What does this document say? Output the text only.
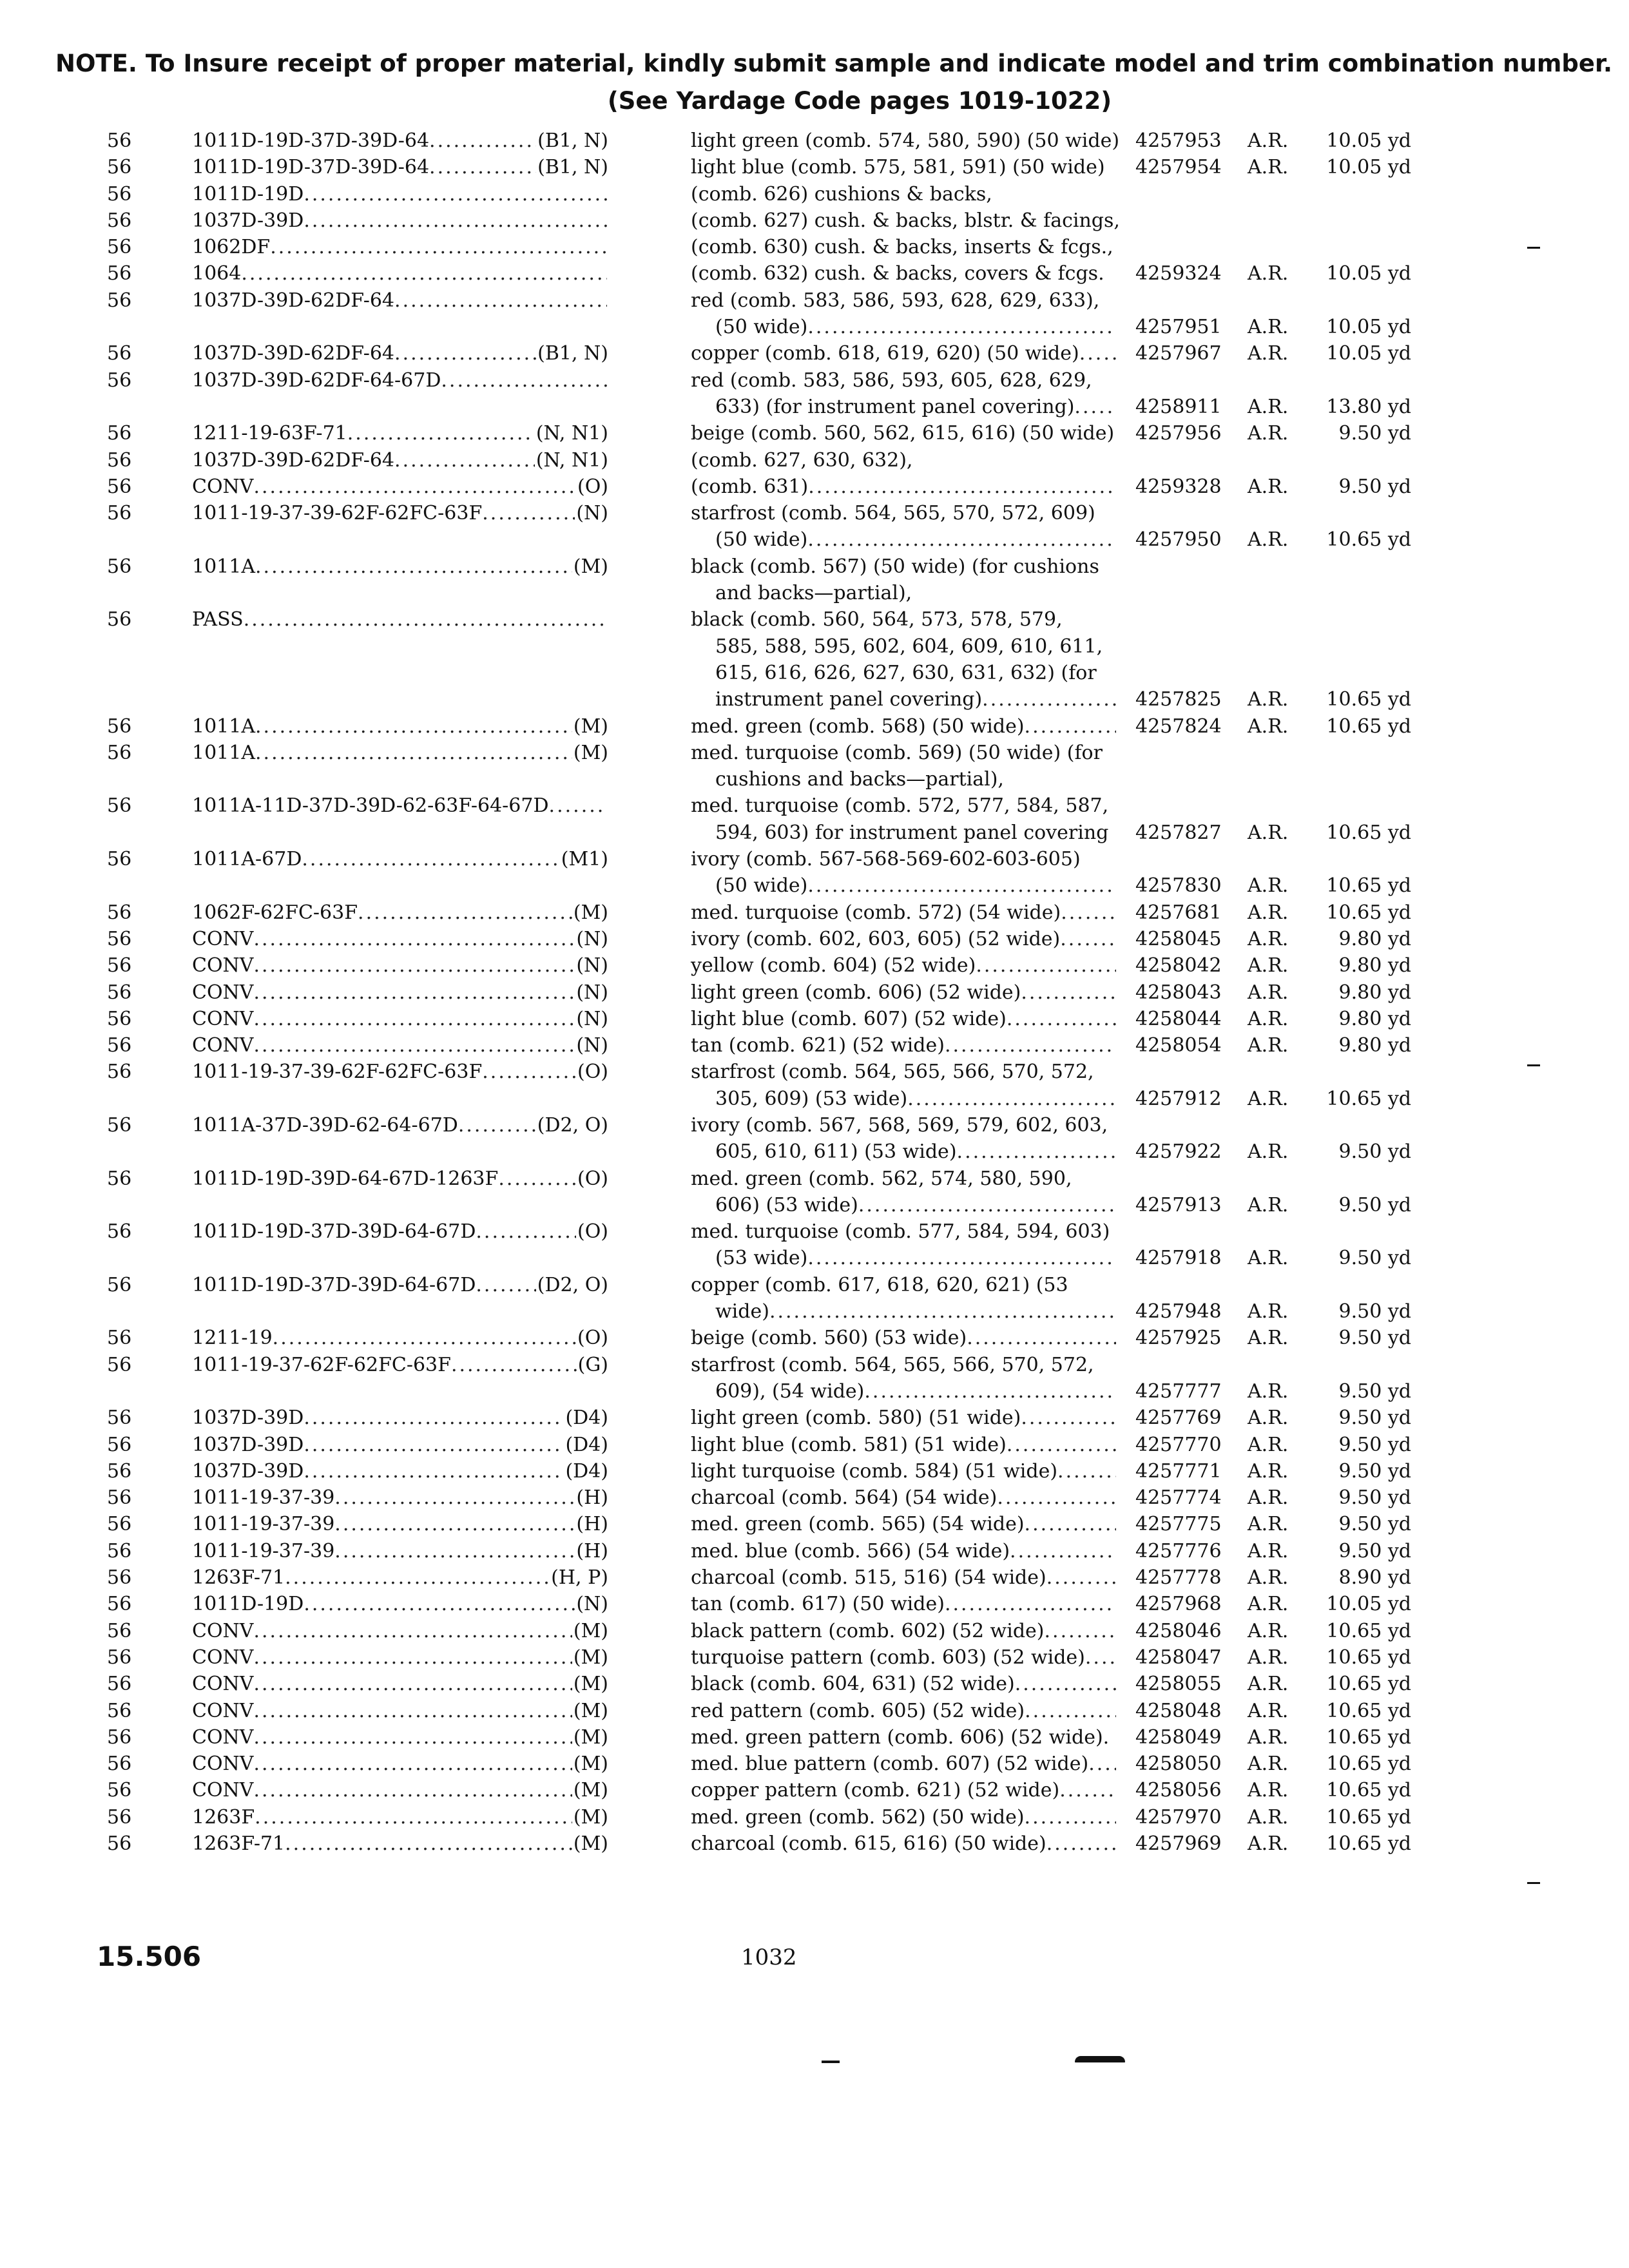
NOTE. To Insure receipt of proper material, kindly submit sample and indicate model and trim combination number.
(See Yardage Code pages 1019-1022)
56	1011D-19D-37D-39D-64 .....	(B1, N)	light green (comb. 574, 580, 590) (50 wide) 4257953	A.R.	10.05 yd
56	1011D-19D-37D-39D-64 .....	(B1, N)	light blue (comb. 575, 581, 591) (50 wide) 4257954	A.R.	10.05 yd
56	1011D-19D .....	(comb. 626) cushions & backs,
56	1037D-39D .....	(comb. 627) cush. & backs, blstr. & facings,
56	1062DF .....	(comb. 630) cush. & backs, inserts & fcgs.,
56	1064 .....	(comb. 632) cush. & backs, covers & fcgs. 4259324	A.R.	10.05 yd
56	1037D-39D-62DF-64 .....	red (comb. 583, 586, 593, 628, 629, 633),
(50 wide) .....	4257951	A.R.	10.05 yd
56	1037D-39D-62DF-64 .....	(B1, N)	copper (comb. 618, 619, 620) (50 wide) .....	4257967	A.R.	10.05 yd
56	1037D-39D-62DF-64-67D .....	red (comb. 583, 586, 593, 605, 628, 629,
633) (for instrument panel covering) .....	4258911	A.R.	13.80 yd
56	1211-19-63F-71 .....	(N, N1)	beige (comb. 560, 562, 615, 616) (50 wide) 4257956	A.R.	9.50 yd
56	1037D-39D-62DF-64 .....	(N, N1)	(comb. 627, 630, 632),
56	CONV .....	(O)	(comb. 631) .....	4259328	A.R.	9.50 yd
56	1011-19-37-39-62F-62FC-63F .....	(N)	starfrost (comb. 564, 565, 570, 572, 609)
(50 wide) .....	4257950	A.R.	10.65 yd
56	1011A .....	(M)	black (comb. 567) (50 wide) (for cushions
and backs—partial),
56	PASS .....	black (comb. 560, 564, 573, 578, 579,
585, 588, 595, 602, 604, 609, 610, 611,
615, 616, 626, 627, 630, 631, 632) (for
instrument panel covering) .....	4257825	A.R.	10.65 yd
56	1011A .....	(M)	med. green (comb. 568) (50 wide) .....	4257824	A.R.	10.65 yd
56	1011A .....	(M)	med. turquoise (comb. 569) (50 wide) (for
cushions and backs—partial),
56	1011A-11D-37D-39D-62-63F-64-67D .....	med. turquoise (comb. 572, 577, 584, 587,
594, 603) for instrument panel covering 4257827	A.R.	10.65 yd
56	1011A-67D .....	(M1)	ivory (comb. 567-568-569-602-603-605)
(50 wide) .....	4257830	A.R.	10.65 yd
56	1062F-62FC-63F .....	(M)	med. turquoise (comb. 572) (54 wide) .....	4257681	A.R.	10.65 yd
56	CONV .....	(N)	ivory (comb. 602, 603, 605) (52 wide) .....	4258045	A.R.	9.80 yd
56	CONV .....	(N)	yellow (comb. 604) (52 wide) .....	4258042	A.R.	9.80 yd
56	CONV .....	(N)	light green (comb. 606) (52 wide) .....	4258043	A.R.	9.80 yd
56	CONV .....	(N)	light blue (comb. 607) (52 wide) .....	4258044	A.R.	9.80 yd
56	CONV .....	(N)	tan (comb. 621) (52 wide) .....	4258054	A.R.	9.80 yd
56	1011-19-37-39-62F-62FC-63F .....	(O)	starfrost (comb. 564, 565, 566, 570, 572,
305, 609) (53 wide) .....	4257912	A.R.	10.65 yd
56	1011A-37D-39D-62-64-67D .....	(D2, O)	ivory (comb. 567, 568, 569, 579, 602, 603,
605, 610, 611) (53 wide) .....	4257922	A.R.	9.50 yd
56	1011D-19D-39D-64-67D-1263F .....	(O)	med. green (comb. 562, 574, 580, 590,
606) (53 wide) .....	4257913	A.R.	9.50 yd
56	1011D-19D-37D-39D-64-67D .....	(O)	med. turquoise (comb. 577, 584, 594, 603)
(53 wide) .....	4257918	A.R.	9.50 yd
56	1011D-19D-37D-39D-64-67D .....	(D2, O)	copper (comb. 617, 618, 620, 621) (53
wide) .....	4257948	A.R.	9.50 yd
56	1211-19 .....	(O)	beige (comb. 560) (53 wide) .....	4257925	A.R.	9.50 yd
56	1011-19-37-62F-62FC-63F .....	(G)	starfrost (comb. 564, 565, 566, 570, 572,
609), (54 wide) .....	4257777	A.R.	9.50 yd
56	1037D-39D .....	(D4)	light green (comb. 580) (51 wide) .....	4257769	A.R.	9.50 yd
56	1037D-39D .....	(D4)	light blue (comb. 581) (51 wide) .....	4257770	A.R.	9.50 yd
56	1037D-39D .....	(D4)	light turquoise (comb. 584) (51 wide) .....	4257771	A.R.	9.50 yd
56	1011-19-37-39 .....	(H)	charcoal (comb. 564) (54 wide) .....	4257774	A.R.	9.50 yd
56	1011-19-37-39 .....	(H)	med. green (comb. 565) (54 wide) .....	4257775	A.R.	9.50 yd
56	1011-19-37-39 .....	(H)	med. blue (comb. 566) (54 wide) .....	4257776	A.R.	9.50 yd
56	1263F-71 .....	(H, P)	charcoal (comb. 515, 516) (54 wide) .....	4257778	A.R.	8.90 yd
56	1011D-19D .....	(N)	tan (comb. 617) (50 wide) .....	4257968	A.R.	10.05 yd
56	CONV .....	(M)	black pattern (comb. 602) (52 wide) .....	4258046	A.R.	10.65 yd
56	CONV .....	(M)	turquoise pattern (comb. 603) (52 wide) .....	4258047	A.R.	10.65 yd
56	CONV .....	(M)	black (comb. 604, 631) (52 wide) .....	4258055	A.R.	10.65 yd
56	CONV .....	(M)	red pattern (comb. 605) (52 wide) .....	4258048	A.R.	10.65 yd
56	CONV .....	(M)	med. green pattern (comb. 606) (52 wide). 4258049	A.R.	10.65 yd
56	CONV .....	(M)	med. blue pattern (comb. 607) (52 wide) ..... 4258050	A.R.	10.65 yd
56	CONV .....	(M)	copper pattern (comb. 621) (52 wide) .....	4258056	A.R.	10.65 yd
56	1263F .....	(M)	med. green (comb. 562) (50 wide) .....	4257970	A.R.	10.65 yd
56	1263F-71 .....	(M)	charcoal (comb. 615, 616) (50 wide) .....	4257969	A.R.	10.65 yd
15.506	1032
